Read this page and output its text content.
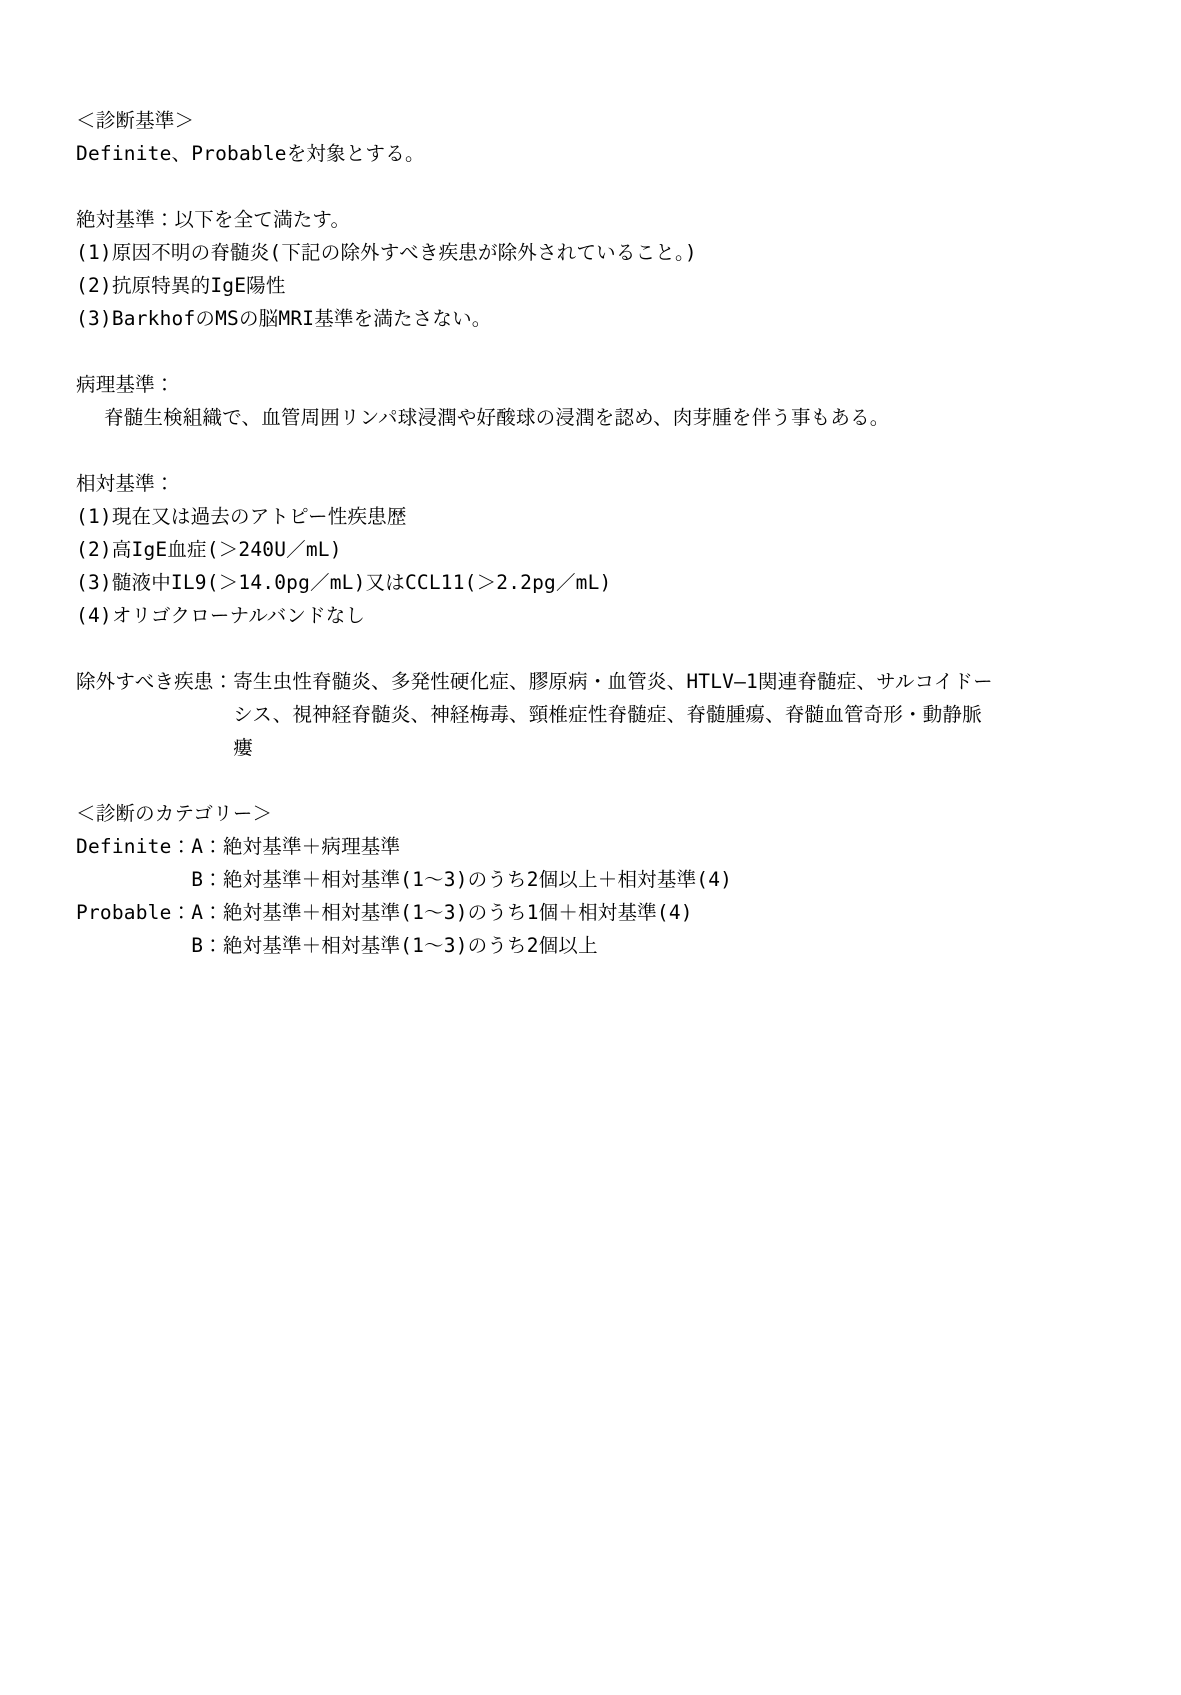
＜診断基準＞
Definite、Probableを対象とする。
絶対基準：以下を全て満たす。
(1)原因不明の脊髄炎(下記の除外すべき疾患が除外されていること。)
(2)抗原特異的IgE陽性
(3)BarkhofのMSの脳MRI基準を満たさない。
病理基準：
脊髄生検組織で、血管周囲リンパ球浸潤や好酸球の浸潤を認め、肉芽腫を伴う事もある。
相対基準：
(1)現在又は過去のアトピー性疾患歴
(2)高IgE血症(＞240U／mL)
(3)髄液中IL9(＞14.0pg／mL)又はCCL11(＞2.2pg／mL)
(4)オリゴクローナルバンドなし
除外すべき疾患： 寄生虫性脊髄炎、多発性硬化症、膠原病・血管炎、HTLV―1関連脊髄症、サルコイドー
シス、視神経脊髄炎、神経梅毒、頸椎症性脊髄症、脊髄腫瘍、脊髄血管奇形・動静脈
瘻
＜診断のカテゴリー＞
Definite： A：絶対基準＋病理基準
B：絶対基準＋相対基準(1〜3)のうち2個以上＋相対基準(4)
Probable： A：絶対基準＋相対基準(1〜3)のうち1個＋相対基準(4)
B：絶対基準＋相対基準(1〜3)のうち2個以上
